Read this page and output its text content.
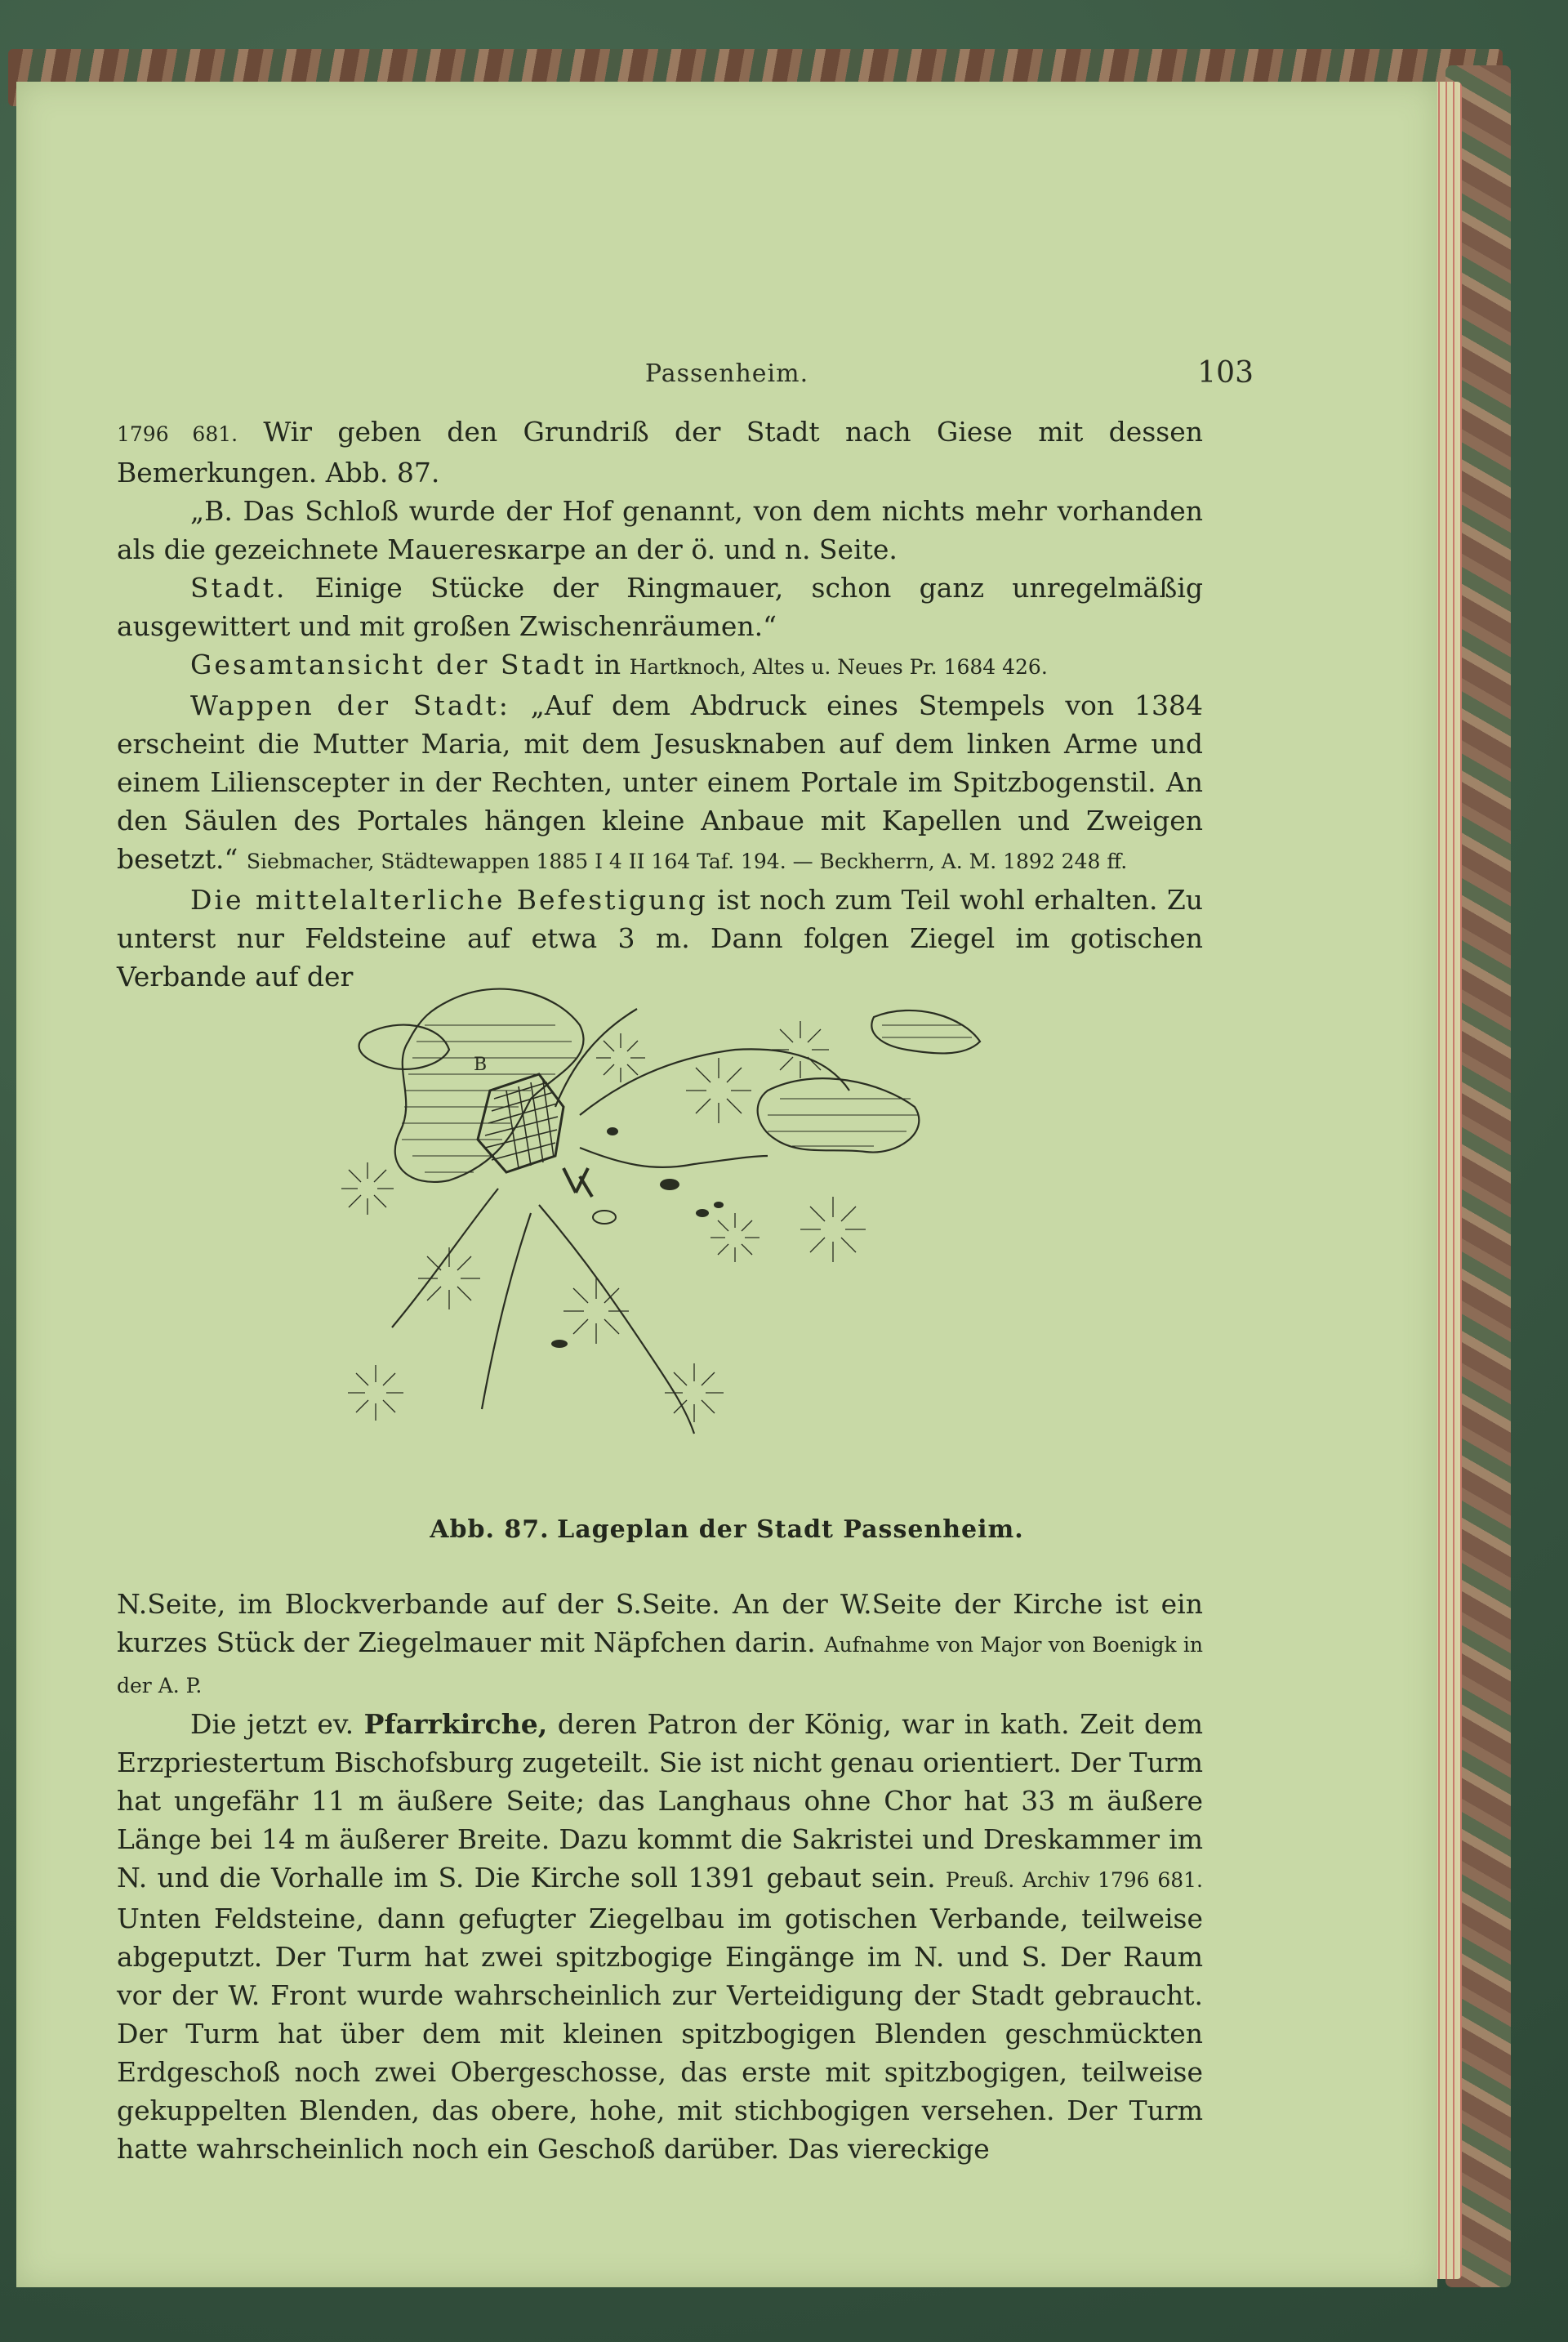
Passenheim.	103

1796 681. Wir geben den Grundriß der Stadt nach Giese mit dessen Bemerkungen. Abb. 87.

„B. Das Schloß wurde der Hof genannt, von dem nichts mehr vorhanden als die gezeichnete Maueresкarpe an der ö. und n. Seite.

Stadt. Einige Stücke der Ringmauer, schon ganz unregelmäßig ausgewittert und mit großen Zwischenräumen.“

Gesamtansicht der Stadt in Hartknoch, Altes u. Neues Pr. 1684 426.

Wappen der Stadt: „Auf dem Abdruck eines Stempels von 1384 erscheint die Mutter Maria, mit dem Jesusknaben auf dem linken Arme und einem Liliensсepter in der Rechten, unter einem Portale im Spitzbogenstil. An den Säulen des Portales hängen kleine Anbaue mit Kapellen und Zweigen besetzt.“ Siebmacher, Städtewappen 1885 I 4 II 164 Taf. 194. — Beckherrn, A. M. 1892 248 ff.

Die mittelalterliche Befestigung ist noch zum Teil wohl erhalten. Zu unterst nur Feldsteine auf etwa 3 m. Dann folgen Ziegel im gotischen Verbande auf der

B
Abb. 87. Lageplan der Stadt Passenheim.

N.Seite, im Blockverbande auf der S.Seite. An der W.Seite der Kirche ist ein kurzes Stück der Ziegelmauer mit Näpfchen darin. Aufnahme von Major von Boenigk in der A. P.

Die jetzt ev. Pfarrkirche, deren Patron der König, war in kath. Zeit dem Erzpriestertum Bischofsburg zugeteilt. Sie ist nicht genau orientiert. Der Turm hat ungefähr 11 m äußere Seite; das Langhaus ohne Chor hat 33 m äußere Länge bei 14 m äußerer Breite. Dazu kommt die Sakristei und Dreskammer im N. und die Vorhalle im S. Die Kirche soll 1391 gebaut sein. Preuß. Archiv 1796 681. Unten Feldsteine, dann gefugter Ziegelbau im gotischen Verbande, teilweise abgeputzt. Der Turm hat zwei spitzbogige Eingänge im N. und S. Der Raum vor der W. Front wurde wahrscheinlich zur Verteidigung der Stadt gebraucht. Der Turm hat über dem mit kleinen spitzbogigen Blenden geschmückten Erdgeschoß noch zwei Obergeschosse, das erste mit spitzbogigen, teilweise gekuppelten Blenden, das obere, hohe, mit stichbogigen versehen. Der Turm hatte wahrscheinlich noch ein Geschoß darüber. Das viereckige
